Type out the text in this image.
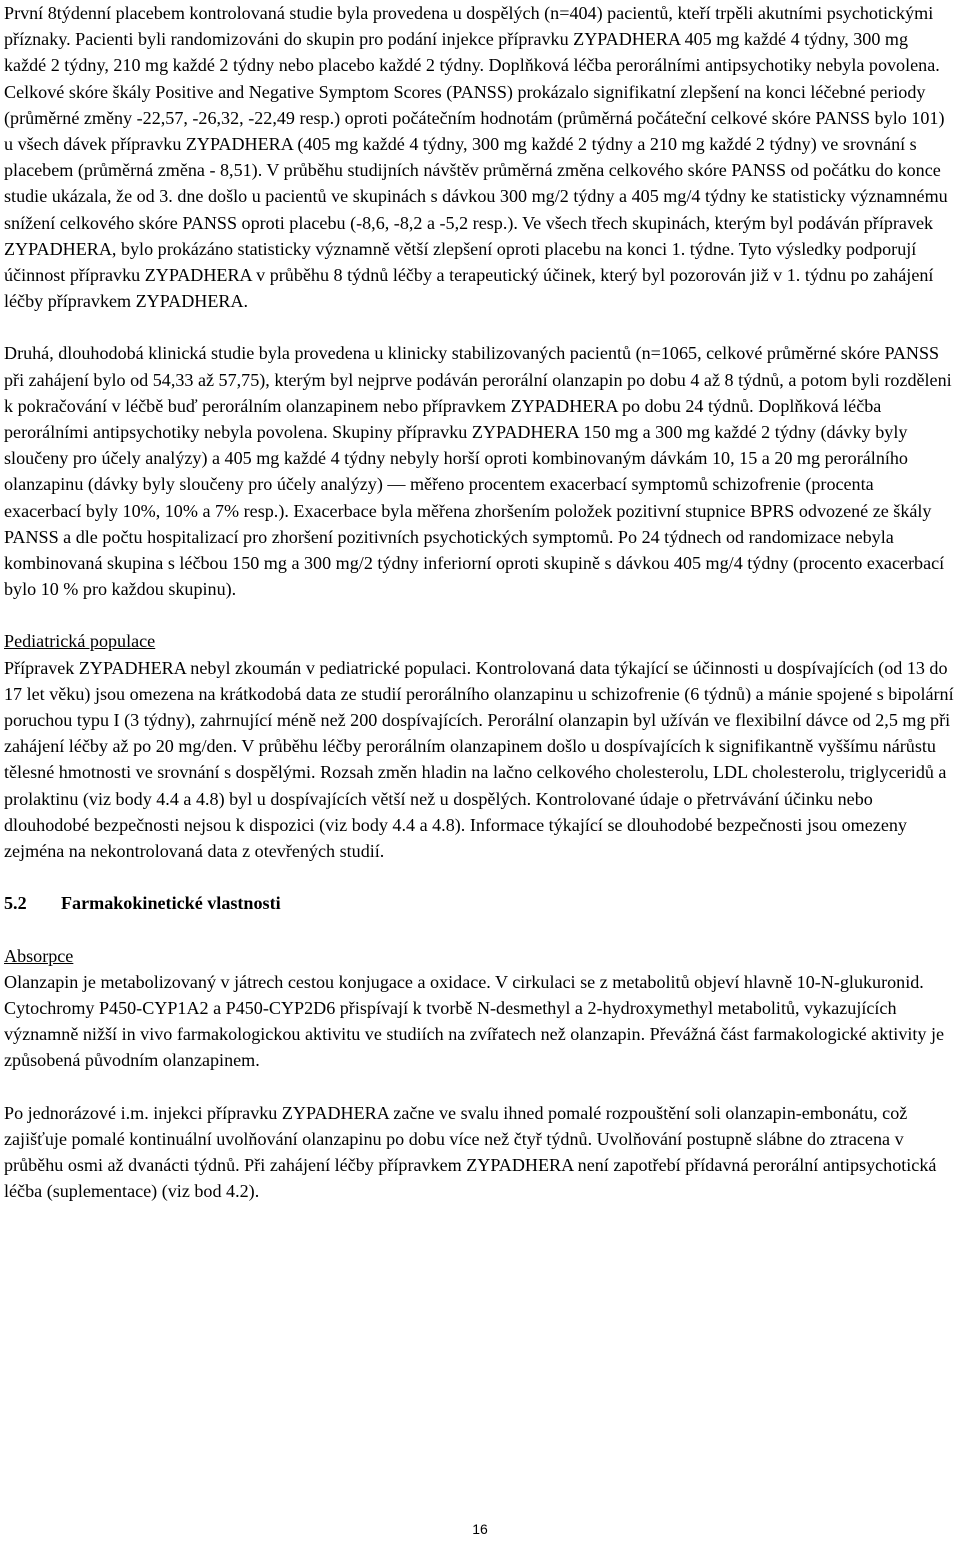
První 8týdenní placebem kontrolovaná studie byla provedena u dospělých (n=404) pacientů, kteří trpěli akutními psychotickými příznaky. Pacienti byli randomizováni do skupin pro podání injekce přípravku ZYPADHERA 405 mg každé 4 týdny, 300 mg každé 2 týdny, 210 mg každé 2 týdny nebo placebo každé 2 týdny. Doplňková léčba perorálními antipsychotiky nebyla povolena. Celkové skóre škály Positive and Negative Symptom Scores (PANSS) prokázalo signifikatní zlepšení na konci léčebné periody (průměrné změny -22,57, -26,32, -22,49 resp.) oproti počátečním hodnotám (průměrná počáteční celkové skóre PANSS bylo 101) u všech dávek přípravku ZYPADHERA (405 mg každé 4 týdny, 300 mg každé 2 týdny a 210 mg každé 2 týdny) ve srovnání s placebem (průměrná změna - 8,51). V průběhu studijních návštěv průměrná změna celkového skóre PANSS od počátku do konce studie ukázala, že od 3. dne došlo u pacientů ve skupinách s dávkou 300 mg/2 týdny a 405 mg/4 týdny ke statisticky významnému snížení celkového skóre PANSS oproti placebu (-8,6, -8,2 a -5,2 resp.). Ve všech třech skupinách, kterým byl podáván přípravek ZYPADHERA, bylo prokázáno statisticky významně větší zlepšení oproti placebu na konci 1. týdne. Tyto výsledky podporují účinnost přípravku ZYPADHERA v průběhu 8 týdnů léčby a terapeutický účinek, který byl pozorován již v 1. týdnu po zahájení léčby přípravkem ZYPADHERA.

Druhá, dlouhodobá klinická studie byla provedena u klinicky stabilizovaných pacientů (n=1065, celkové průměrné skóre PANSS při zahájení bylo od 54,33 až 57,75), kterým byl nejprve podáván perorální olanzapin po dobu 4 až 8 týdnů, a potom byli rozděleni k pokračování v léčbě buď perorálním olanzapinem nebo přípravkem ZYPADHERA po dobu 24 týdnů. Doplňková léčba perorálními antipsychotiky nebyla povolena. Skupiny přípravku ZYPADHERA 150 mg a 300 mg každé 2 týdny (dávky byly sloučeny pro účely analýzy) a 405 mg každé 4 týdny nebyly horší oproti kombinovaným dávkám 10, 15 a 20 mg perorálního olanzapinu (dávky byly sloučeny pro účely analýzy) — měřeno procentem exacerbací symptomů schizofrenie (procenta exacerbací byly 10%, 10% a 7% resp.). Exacerbace byla měřena zhoršením položek pozitivní stupnice BPRS odvozené ze škály PANSS a dle počtu hospitalizací pro zhoršení pozitivních psychotických symptomů. Po 24 týdnech od randomizace nebyla kombinovaná skupina s léčbou 150 mg a 300 mg/2 týdny inferiorní oproti skupině s dávkou 405 mg/4 týdny (procento exacerbací bylo 10 % pro každou skupinu).

Pediatrická populace

Přípravek ZYPADHERA nebyl zkoumán v pediatrické populaci. Kontrolovaná data týkající se účinnosti u dospívajících (od 13 do 17 let věku) jsou omezena na krátkodobá data ze studií perorálního olanzapinu u schizofrenie (6 týdnů) a mánie spojené s bipolární poruchou typu I (3 týdny), zahrnující méně než 200 dospívajících. Perorální olanzapin byl užíván ve flexibilní dávce od 2,5 mg při zahájení léčby až po 20 mg/den. V průběhu léčby perorálním olanzapinem došlo u dospívajících k signifikantně vyššímu nárůstu tělesné hmotnosti ve srovnání s dospělými. Rozsah změn hladin na lačno celkového cholesterolu, LDL cholesterolu, triglyceridů a prolaktinu (viz body 4.4 a 4.8) byl u dospívajících větší než u dospělých. Kontrolované údaje o přetrvávání účinku nebo dlouhodobé bezpečnosti nejsou k dispozici (viz body 4.4 a 4.8). Informace týkající se dlouhodobé bezpečnosti jsou omezeny zejména na nekontrolovaná data z otevřených studií.

5.2	Farmakokinetické vlastnosti

Absorpce

Olanzapin je metabolizovaný v játrech cestou konjugace a oxidace. V cirkulaci se z metabolitů objeví hlavně 10-N-glukuronid. Cytochromy P450-CYP1A2 a P450-CYP2D6 přispívají k tvorbě N-desmethyl a 2-hydroxymethyl metabolitů, vykazujících významně nižší in vivo farmakologickou aktivitu ve studiích na zvířatech než olanzapin. Převážná část farmakologické aktivity je způsobená původním olanzapinem.

Po jednorázové i.m. injekci přípravku ZYPADHERA začne ve svalu ihned pomalé rozpouštění soli olanzapin-embonátu, což zajišťuje pomalé kontinuální uvolňování olanzapinu po dobu více než čtyř týdnů. Uvolňování postupně slábne do ztracena v průběhu osmi až dvanácti týdnů. Při zahájení léčby přípravkem ZYPADHERA není zapotřebí přídavná perorální antipsychotická léčba (suplementace) (viz bod 4.2).

16
